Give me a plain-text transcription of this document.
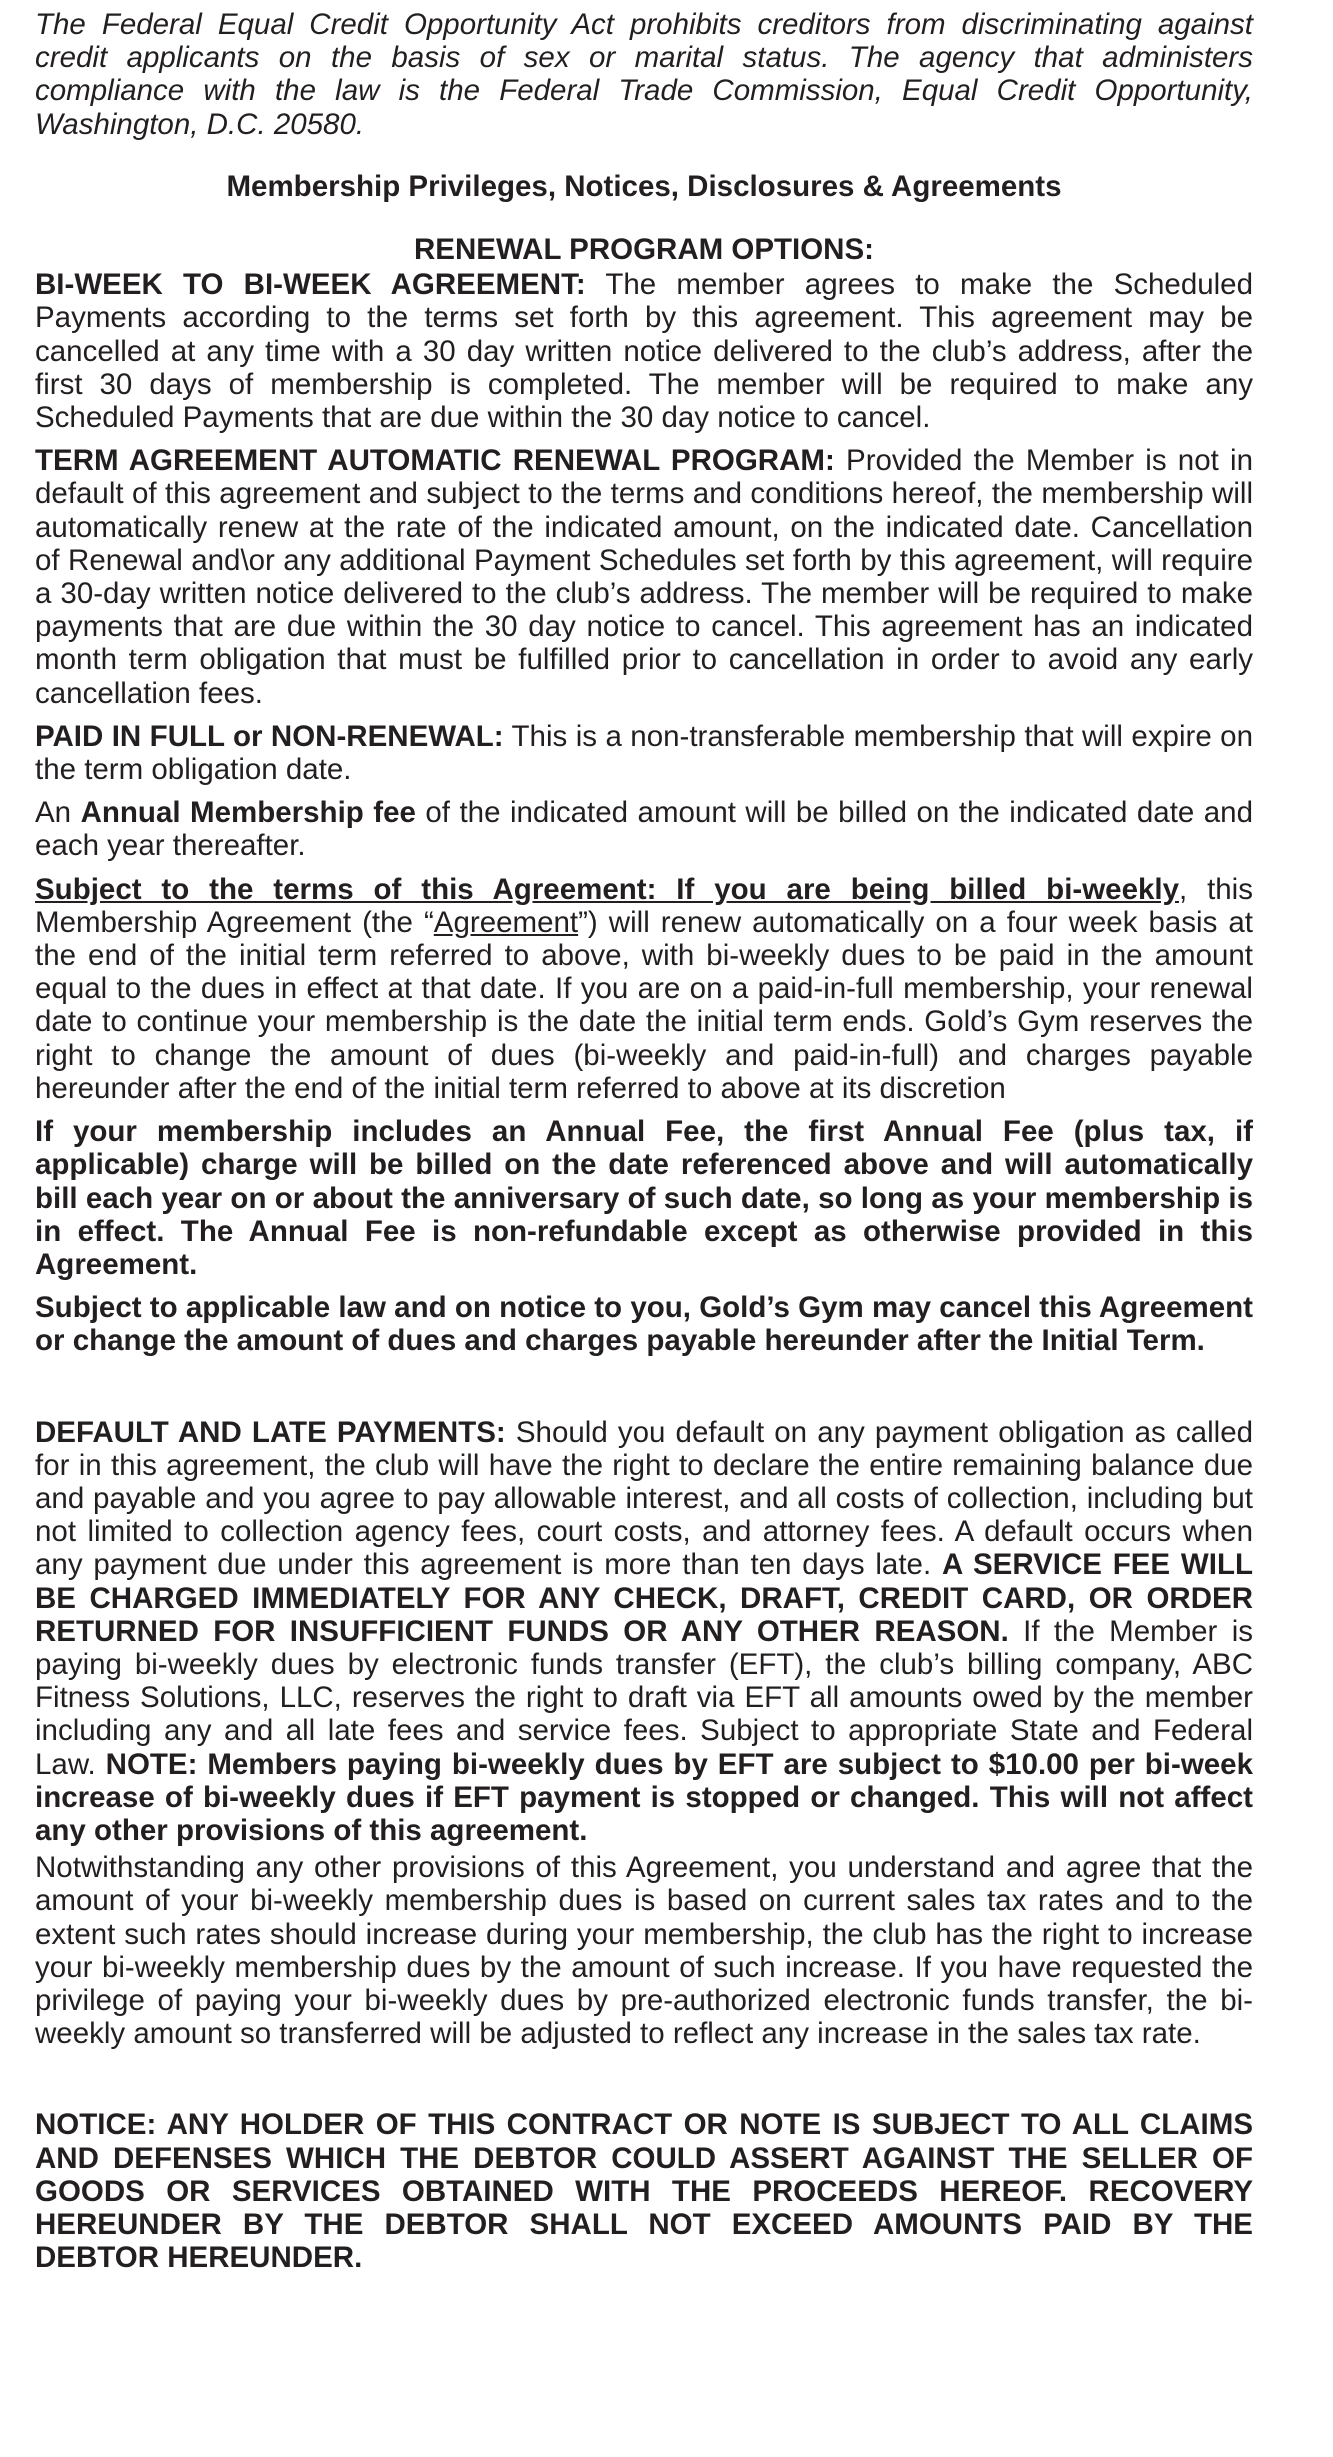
The Federal Equal Credit Opportunity Act prohibits creditors from discriminating against credit applicants on the basis of sex or marital status. The agency that administers compliance with the law is the Federal Trade Commission, Equal Credit Opportunity, Washington, D.C. 20580.

Membership Privileges, Notices, Disclosures & Agreements

RENEWAL PROGRAM OPTIONS:

BI-WEEK TO BI-WEEK AGREEMENT: The member agrees to make the Scheduled Payments according to the terms set forth by this agreement. This agreement may be cancelled at any time with a 30 day written notice delivered to the club’s address, after the first 30 days of membership is completed. The member will be required to make any Scheduled Payments that are due within the 30 day notice to cancel.

TERM AGREEMENT AUTOMATIC RENEWAL PROGRAM: Provided the Member is not in default of this agreement and subject to the terms and conditions hereof, the membership will automatically renew at the rate of the indicated amount, on the indicated date. Cancellation of Renewal and\or any additional Payment Schedules set forth by this agreement, will require a 30-day written notice delivered to the club’s address. The member will be required to make payments that are due within the 30 day notice to cancel. This agreement has an indicated month term obligation that must be fulfilled prior to cancellation in order to avoid any early cancellation fees.

PAID IN FULL or NON-RENEWAL: This is a non-transferable membership that will expire on the term obligation date.

An Annual Membership fee of the indicated amount will be billed on the indicated date and each year thereafter.

Subject to the terms of this Agreement: If you are being billed bi-weekly, this Membership Agreement (the “Agreement”) will renew automatically on a four week basis at the end of the initial term referred to above, with bi-weekly dues to be paid in the amount equal to the dues in effect at that date. If you are on a paid-in-full membership, your renewal date to continue your membership is the date the initial term ends. Gold’s Gym reserves the right to change the amount of dues (bi-weekly and paid-in-full) and charges payable hereunder after the end of the initial term referred to above at its discretion

If your membership includes an Annual Fee, the first Annual Fee (plus tax, if applicable) charge will be billed on the date referenced above and will automatically bill each year on or about the anniversary of such date, so long as your membership is in effect. The Annual Fee is non-refundable except as otherwise provided in this Agreement.

Subject to applicable law and on notice to you, Gold’s Gym may cancel this Agreement or change the amount of dues and charges payable hereunder after the Initial Term.

DEFAULT AND LATE PAYMENTS: Should you default on any payment obligation as called for in this agreement, the club will have the right to declare the entire remaining balance due and payable and you agree to pay allowable interest, and all costs of collection, including but not limited to collection agency fees, court costs, and attorney fees. A default occurs when any payment due under this agreement is more than ten days late. A SERVICE FEE WILL BE CHARGED IMMEDIATELY FOR ANY CHECK, DRAFT, CREDIT CARD, OR ORDER RETURNED FOR INSUFFICIENT FUNDS OR ANY OTHER REASON. If the Member is paying bi-weekly dues by electronic funds transfer (EFT), the club’s billing company, ABC Fitness Solutions, LLC, reserves the right to draft via EFT all amounts owed by the member including any and all late fees and service fees. Subject to appropriate State and Federal Law. NOTE: Members paying bi-weekly dues by EFT are subject to $10.00 per bi-week increase of bi-weekly dues if EFT payment is stopped or changed. This will not affect any other provisions of this agreement.

Notwithstanding any other provisions of this Agreement, you understand and agree that the amount of your bi-weekly membership dues is based on current sales tax rates and to the extent such rates should increase during your membership, the club has the right to increase your bi-weekly membership dues by the amount of such increase. If you have requested the privilege of paying your bi-weekly dues by pre-authorized electronic funds transfer, the bi-weekly amount so transferred will be adjusted to reflect any increase in the sales tax rate.

NOTICE: ANY HOLDER OF THIS CONTRACT OR NOTE IS SUBJECT TO ALL CLAIMS AND DEFENSES WHICH THE DEBTOR COULD ASSERT AGAINST THE SELLER OF GOODS OR SERVICES OBTAINED WITH THE PROCEEDS HEREOF. RECOVERY HEREUNDER BY THE DEBTOR SHALL NOT EXCEED AMOUNTS PAID BY THE DEBTOR HEREUNDER.
